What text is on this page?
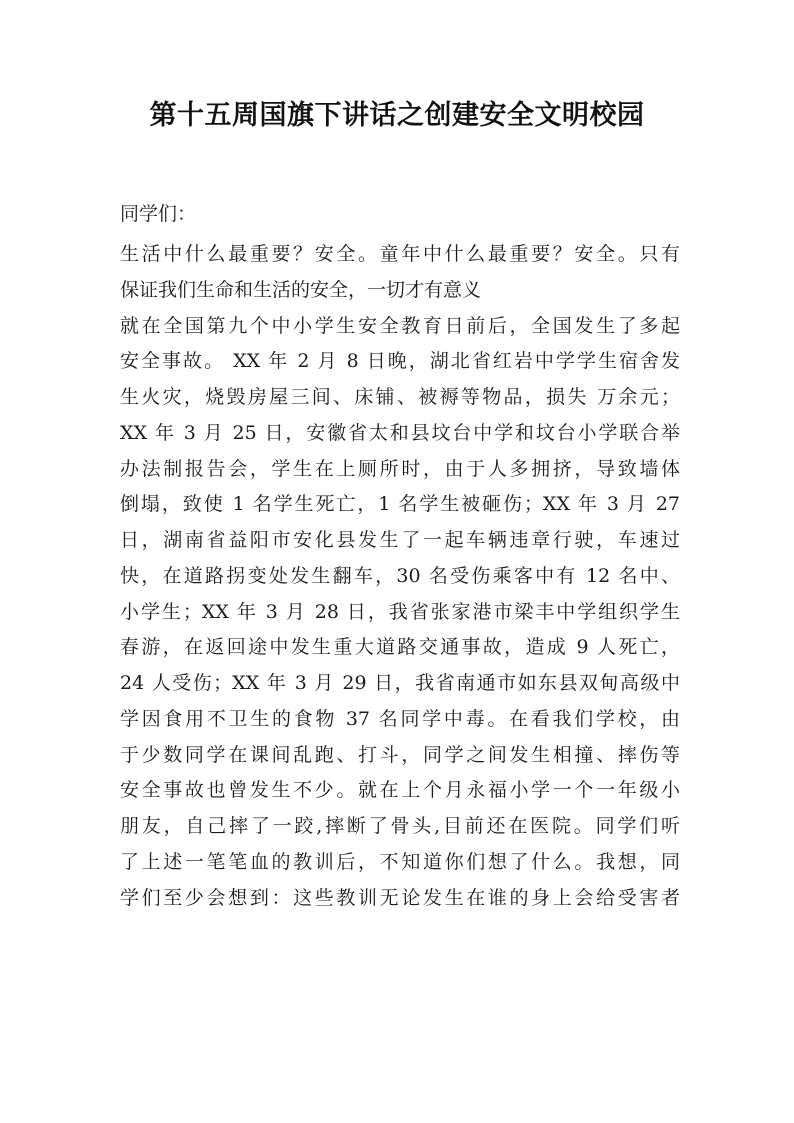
第十五周国旗下讲话之创建安全文明校园
同学们：
生活中什么最重要？安全。童年中什么最重要？安全。只有
保证我们生命和生活的安全，一切才有意义
就在全国第九个中小学生安全教育日前后，全国发生了多起
安全事故。 XX 年 2 月 8 日晚，湖北省红岩中学学生宿舍发
生火灾，烧毁房屋三间、床铺、被褥等物品，损失 万余元；
XX 年 3 月 25 日，安徽省太和县坟台中学和坟台小学联合举
办法制报告会，学生在上厕所时，由于人多拥挤，导致墙体
倒塌，致使 1 名学生死亡，1 名学生被砸伤；XX 年 3 月 27
日，湖南省益阳市安化县发生了一起车辆违章行驶，车速过
快，在道路拐变处发生翻车，30 名受伤乘客中有 12 名中、
小学生；XX 年 3 月 28 日，我省张家港市梁丰中学组织学生
春游，在返回途中发生重大道路交通事故，造成 9 人死亡，
24 人受伤；XX 年 3 月 29 日，我省南通市如东县双甸高级中
学因食用不卫生的食物 37 名同学中毒。在看我们学校，由
于少数同学在课间乱跑、打斗，同学之间发生相撞、摔伤等
安全事故也曾发生不少。就在上个月永福小学一个一年级小
朋友，自己摔了一跤,摔断了骨头,目前还在医院。同学们听
了上述一笔笔血的教训后，不知道你们想了什么。我想，同
学们至少会想到：这些教训无论发生在谁的身上会给受害者
